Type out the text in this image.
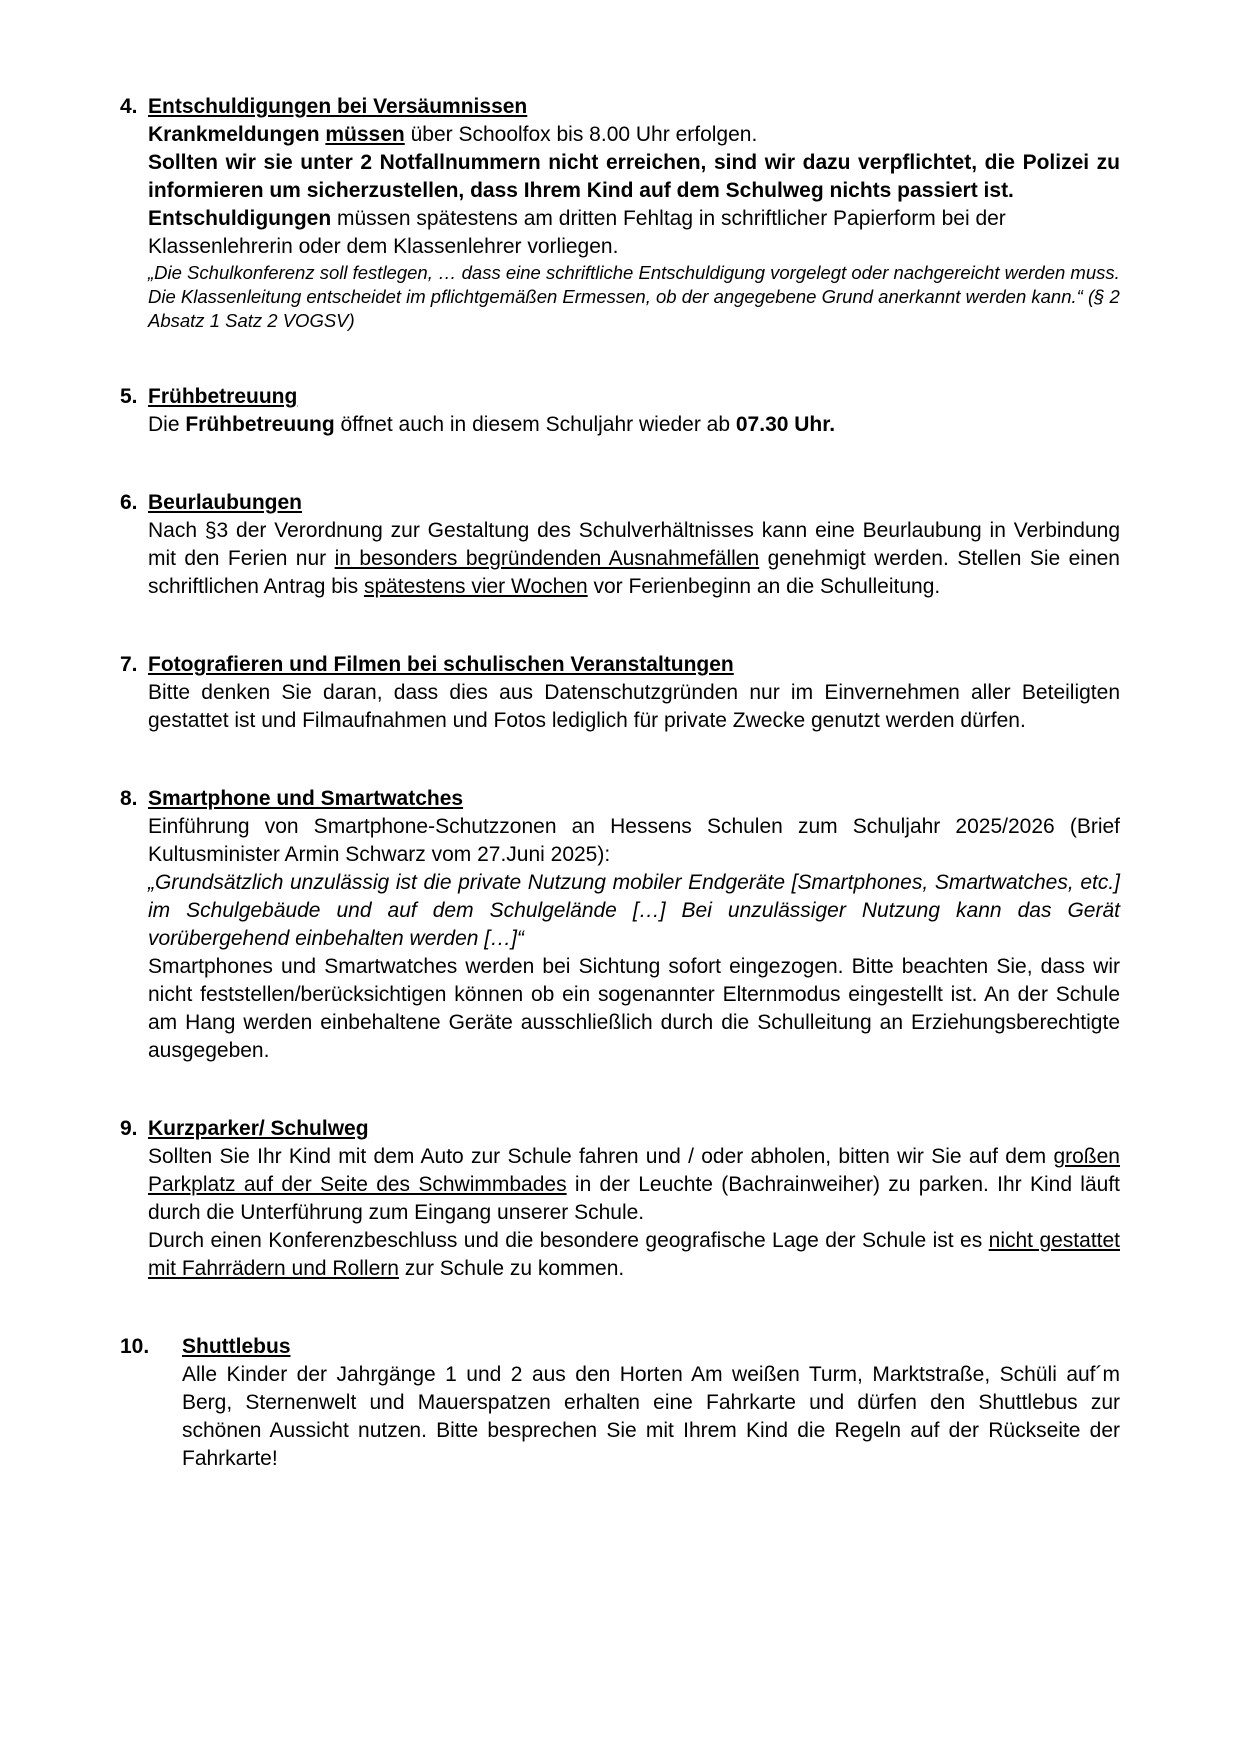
4. Entschuldigungen bei Versäumnissen

Krankmeldungen müssen über Schoolfox bis 8.00 Uhr erfolgen.

Sollten wir sie unter 2 Notfallnummern nicht erreichen, sind wir dazu verpflichtet, die Polizei zu informieren um sicherzustellen, dass Ihrem Kind auf dem Schulweg nichts passiert ist.

Entschuldigungen müssen spätestens am dritten Fehltag in schriftlicher Papierform bei der Klassenlehrerin oder dem Klassenlehrer vorliegen.

„Die Schulkonferenz soll festlegen, … dass eine schriftliche Entschuldigung vorgelegt oder nachgereicht werden muss. Die Klassenleitung entscheidet im pflichtgemäßen Ermessen, ob der angegebene Grund anerkannt werden kann.“ (§ 2 Absatz 1 Satz 2 VOGSV)

5. Frühbetreuung

Die Frühbetreuung öffnet auch in diesem Schuljahr wieder ab 07.30 Uhr.

6. Beurlaubungen

Nach §3 der Verordnung zur Gestaltung des Schulverhältnisses kann eine Beurlaubung in Verbindung mit den Ferien nur in besonders begründenden Ausnahmefällen genehmigt werden. Stellen Sie einen schriftlichen Antrag bis spätestens vier Wochen vor Ferienbeginn an die Schulleitung.

7. Fotografieren und Filmen bei schulischen Veranstaltungen

Bitte denken Sie daran, dass dies aus Datenschutzgründen nur im Einvernehmen aller Beteiligten gestattet ist und Filmaufnahmen und Fotos lediglich für private Zwecke genutzt werden dürfen.

8. Smartphone und Smartwatches

Einführung von Smartphone-Schutzzonen an Hessens Schulen zum Schuljahr 2025/2026 (Brief Kultusminister Armin Schwarz vom 27.Juni 2025):

„Grundsätzlich unzulässig ist die private Nutzung mobiler Endgeräte [Smartphones, Smartwatches, etc.] im Schulgebäude und auf dem Schulgelände […] Bei unzulässiger Nutzung kann das Gerät vorübergehend einbehalten werden […]“

Smartphones und Smartwatches werden bei Sichtung sofort eingezogen. Bitte beachten Sie, dass wir nicht feststellen/berücksichtigen können ob ein sogenannter Elternmodus eingestellt ist. An der Schule am Hang werden einbehaltene Geräte ausschließlich durch die Schulleitung an Erziehungsberechtigte ausgegeben.

9. Kurzparker/ Schulweg

Sollten Sie Ihr Kind mit dem Auto zur Schule fahren und / oder abholen, bitten wir Sie auf dem großen Parkplatz auf der Seite des Schwimmbades in der Leuchte (Bachrainweiher) zu parken. Ihr Kind läuft durch die Unterführung zum Eingang unserer Schule.

Durch einen Konferenzbeschluss und die besondere geografische Lage der Schule ist es nicht gestattet mit Fahrrädern und Rollern zur Schule zu kommen.

10.	Shuttlebus

Alle Kinder der Jahrgänge 1 und 2 aus den Horten Am weißen Turm, Marktstraße, Schüli auf´m Berg, Sternenwelt und Mauerspatzen erhalten eine Fahrkarte und dürfen den Shuttlebus zur schönen Aussicht nutzen. Bitte besprechen Sie mit Ihrem Kind die Regeln auf der Rückseite der Fahrkarte!
